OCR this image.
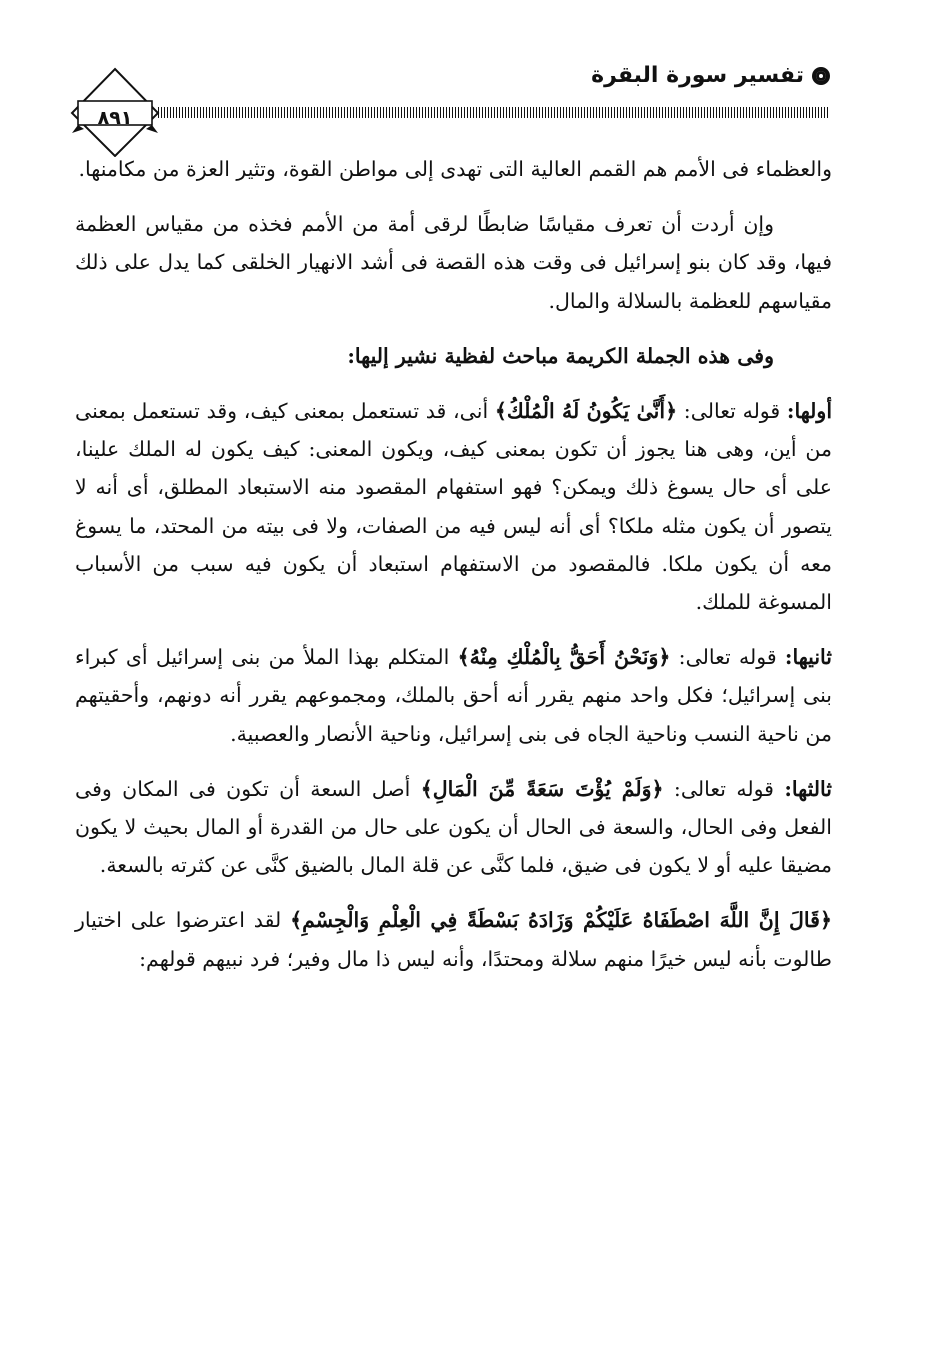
تفسير سورة البقرة
٨٩١

والعظماء فى الأمم هم القمم العالية التى تهدى إلى مواطن القوة، وتثير العزة من مكامنها.

وإن أردت أن تعرف مقياسًا ضابطًا لرقى أمة من الأمم فخذه من مقياس العظمة فيها، وقد كان بنو إسرائيل فى وقت هذه القصة فى أشد الانهيار الخلقى كما يدل على ذلك مقياسهم للعظمة بالسلالة والمال.

وفى هذه الجملة الكريمة مباحث لفظية نشير إليها:

أولها: قوله تعالى: ﴿أَنَّىٰ يَكُونُ لَهُ الْمُلْكُ﴾ أنى، قد تستعمل بمعنى كيف، وقد تستعمل بمعنى من أين، وهى هنا يجوز أن تكون بمعنى كيف، ويكون المعنى: كيف يكون له الملك علينا، على أى حال يسوغ ذلك ويمكن؟ فهو استفهام المقصود منه الاستبعاد المطلق، أى أنه لا يتصور أن يكون مثله ملكا؟ أى أنه ليس فيه من الصفات، ولا فى بيته من المحتد، ما يسوغ معه أن يكون ملكا. فالمقصود من الاستفهام استبعاد أن يكون فيه سبب من الأسباب المسوغة للملك.

ثانيها: قوله تعالى: ﴿وَنَحْنُ أَحَقُّ بِالْمُلْكِ مِنْهُ﴾ المتكلم بهذا الملأ من بنى إسرائيل أى كبراء بنى إسرائيل؛ فكل واحد منهم يقرر أنه أحق بالملك، ومجموعهم يقرر أنه دونهم، وأحقيتهم من ناحية النسب وناحية الجاه فى بنى إسرائيل، وناحية الأنصار والعصبية.

ثالثها: قوله تعالى: ﴿وَلَمْ يُؤْتَ سَعَةً مِّنَ الْمَالِ﴾ أصل السعة أن تكون فى المكان وفى الفعل وفى الحال، والسعة فى الحال أن يكون على حال من القدرة أو المال بحيث لا يكون مضيقا عليه أو لا يكون فى ضيق، فلما كنَّى عن قلة المال بالضيق كنَّى عن كثرته بالسعة.

﴿قَالَ إِنَّ اللَّهَ اصْطَفَاهُ عَلَيْكُمْ وَزَادَهُ بَسْطَةً فِي الْعِلْمِ وَالْجِسْمِ﴾ لقد اعترضوا على اختيار طالوت بأنه ليس خيرًا منهم سلالة ومحتدًا، وأنه ليس ذا مال وفير؛ فرد نبيهم قولهم:
